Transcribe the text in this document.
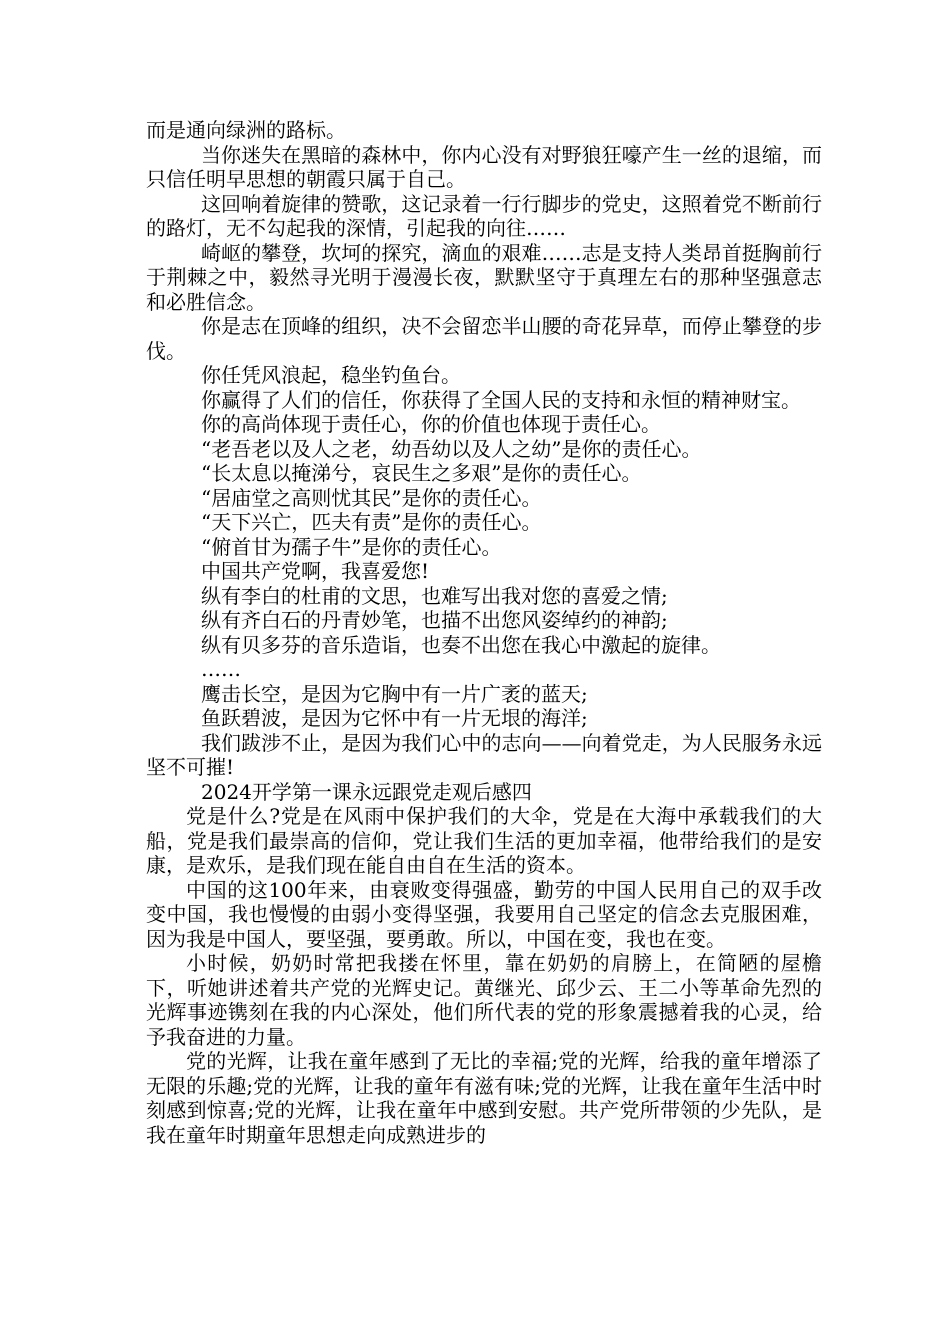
而是通向绿洲的路标。

当你迷失在黑暗的森林中，你内心没有对野狼狂嚎产生一丝的退缩，而只信任明早思想的朝霞只属于自己。

这回响着旋律的赞歌，这记录着一行行脚步的党史，这照着党不断前行的路灯，无不勾起我的深情，引起我的向往……

崎岖的攀登，坎坷的探究，滴血的艰难……志是支持人类昂首挺胸前行于荆棘之中，毅然寻光明于漫漫长夜，默默坚守于真理左右的那种坚强意志和必胜信念。

你是志在顶峰的组织，决不会留恋半山腰的奇花异草，而停止攀登的步伐。

你任凭风浪起，稳坐钓鱼台。

你赢得了人们的信任，你获得了全国人民的支持和永恒的精神财宝。

你的高尚体现于责任心，你的价值也体现于责任心。

“老吾老以及人之老，幼吾幼以及人之幼”是你的责任心。

“长太息以掩涕兮，哀民生之多艰”是你的责任心。

“居庙堂之高则忧其民”是你的责任心。

“天下兴亡，匹夫有责”是你的责任心。

“俯首甘为孺子牛”是你的责任心。

中国共产党啊，我喜爱您!

纵有李白的杜甫的文思，也难写出我对您的喜爱之情;

纵有齐白石的丹青妙笔，也描不出您风姿绰约的神韵;

纵有贝多芬的音乐造诣，也奏不出您在我心中激起的旋律。

……

鹰击长空，是因为它胸中有一片广袤的蓝天;

鱼跃碧波，是因为它怀中有一片无垠的海洋;

我们跋涉不止，是因为我们心中的志向——向着党走，为人民服务永远坚不可摧!

2024开学第一课永远跟党走观后感四

党是什么?党是在风雨中保护我们的大伞，党是在大海中承载我们的大船，党是我们最崇高的信仰，党让我们生活的更加幸福，他带给我们的是安康，是欢乐，是我们现在能自由自在生活的资本。

中国的这100年来，由衰败变得强盛，勤劳的中国人民用自己的双手改变中国，我也慢慢的由弱小变得坚强，我要用自己坚定的信念去克服困难，因为我是中国人，要坚强，要勇敢。所以，中国在变，我也在变。

小时候，奶奶时常把我搂在怀里，靠在奶奶的肩膀上，在简陋的屋檐下，听她讲述着共产党的光辉史记。黄继光、邱少云、王二小等革命先烈的光辉事迹镌刻在我的内心深处，他们所代表的党的形象震撼着我的心灵，给予我奋进的力量。

党的光辉，让我在童年感到了无比的幸福;党的光辉，给我的童年增添了无限的乐趣;党的光辉，让我的童年有滋有味;党的光辉，让我在童年生活中时刻感到惊喜;党的光辉，让我在童年中感到安慰。共产党所带领的少先队，是我在童年时期童年思想走向成熟进步的
